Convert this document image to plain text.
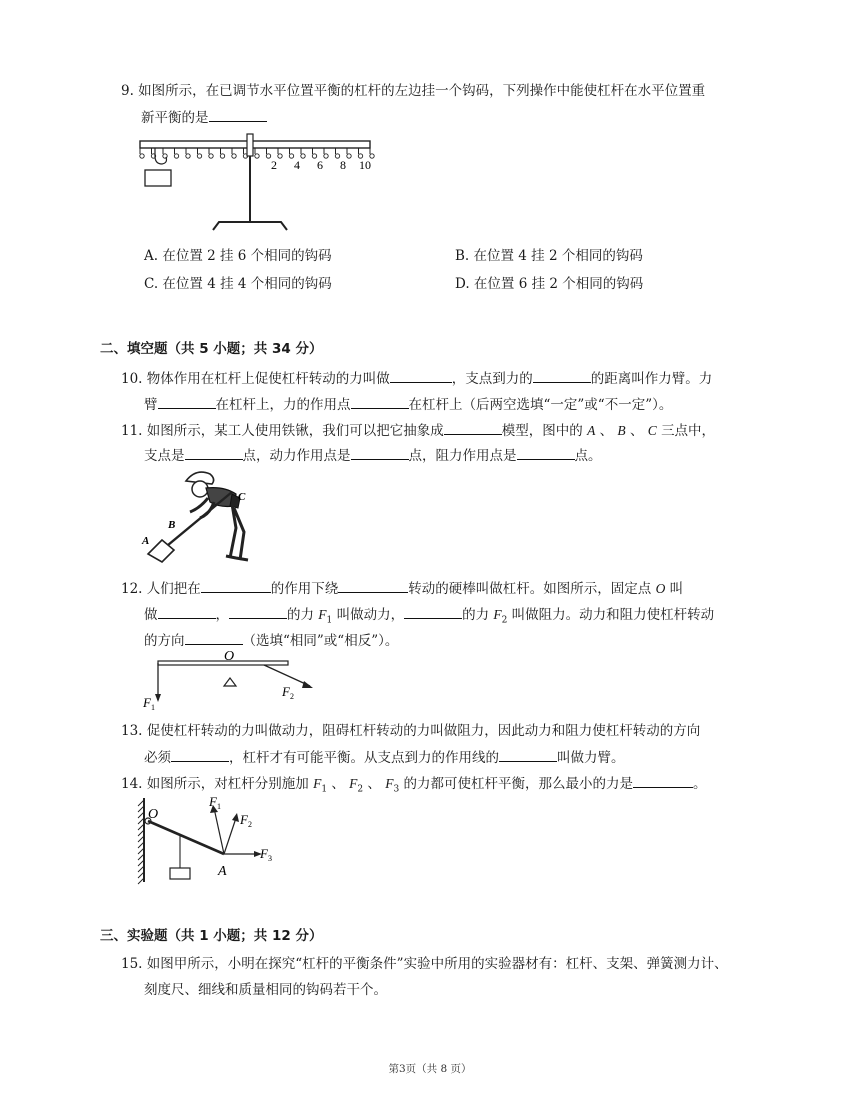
9. 如图所示，在已调节水平位置平衡的杠杆的左边挂一个钩码，下列操作中能使杠杆在水平位置重
新平衡的是
2 4 6 8 10
A. 在位置 2 挂 6 个相同的钩码	B. 在位置 4 挂 2 个相同的钩码
C. 在位置 4 挂 4 个相同的钩码	D. 在位置 6 挂 2 个相同的钩码
二、填空题（共 5 小题；共 34 分）
10. 物体作用在杠杆上促使杠杆转动的力叫做	，支点到力的	的距离叫作力臂。力
臂	在杠杆上，力的作用点	在杠杆上（后两空选填“一定”或“不一定”）。
11. 如图所示，某工人使用铁锹，我们可以把它抽象成	模型，图中的 A 、 B 、 C 三点中，
支点是	点，动力作用点是	点，阻力作用点是	点。
A
B
C
12. 人们把在	的作用下绕	转动的硬棒叫做杠杆。如图所示，固定点 O 叫
做	，	的力 $F_1$ 叫做动力，	的力 $F_2$ 叫做阻力。动力和阻力使杠杆转动
的方向	（选填“相同”或“相反”）。
O
F 1
F 2
13. 促使杠杆转动的力叫做动力，阻碍杠杆转动的力叫做阻力，因此动力和阻力使杠杆转动的方向
必须	，杠杆才有可能平衡。从支点到力的作用线的	叫做力臂。
14. 如图所示，对杠杆分别施加 $F_1$ 、 $F_2$ 、 $F_3$ 的力都可使杠杆平衡，那么最小的力是	。
O
A
F 1
F 2
F 3
三、实验题（共 1 小题；共 12 分）
15. 如图甲所示，小明在探究“杠杆的平衡条件”实验中所用的实验器材有：杠杆、支架、弹簧测力计、
刻度尺、细线和质量相同的钩码若干个。
第3页（共 8 页）
